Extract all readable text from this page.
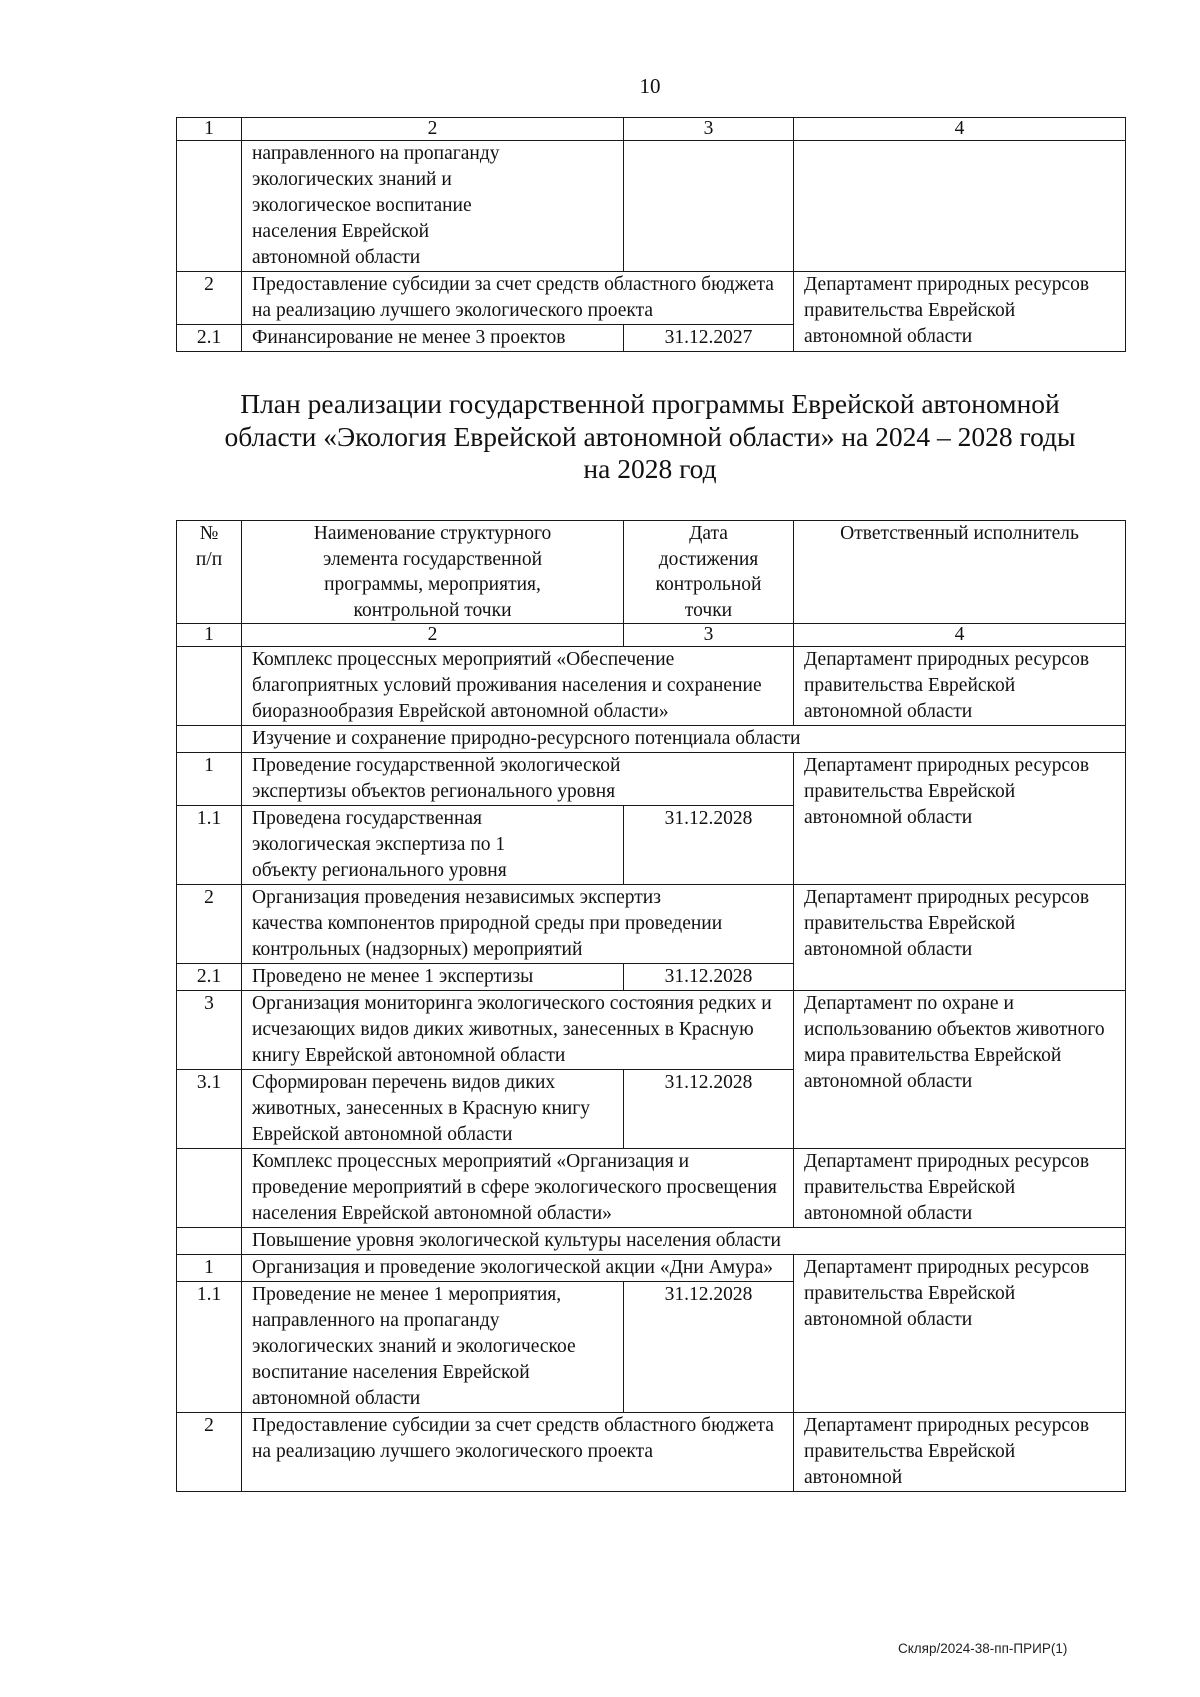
10
1	2	3	4
	направленного на пропаганду экологических знаний и экологическое воспитание населения Еврейской автономной области		
2	Предоставление субсидии за счет средств областного бюджета на реализацию лучшего экологического проекта		Департамент природных ресурсов правительства Еврейской автономной области
2.1	Финансирование не менее 3 проектов	31.12.2027	
План реализации государственной программы Еврейской автономной
области «Экология Еврейской автономной области» на 2024 – 2028 годы
на 2028 год
№ п/п	Наименование структурного элемента государственной программы, мероприятия, контрольной точки	Дата достижения контрольной точки	Ответственный исполнитель
1	2	3	4
	Комплекс процессных мероприятий «Обеспечение благоприятных условий проживания населения и сохранение биоразнообразия Еврейской автономной области»		Департамент природных ресурсов правительства Еврейской автономной области
	Изучение и сохранение природно-ресурсного потенциала области		
1	Проведение государственной экологической экспертизы объектов регионального уровня		Департамент природных ресурсов правительства Еврейской автономной области
1.1	Проведена государственная экологическая экспертиза по 1 объекту регионального уровня	31.12.2028	
2	Организация проведения независимых экспертиз качества компонентов природной среды при проведении контрольных (надзорных) мероприятий		Департамент природных ресурсов правительства Еврейской автономной области
2.1	Проведено не менее 1 экспертизы	31.12.2028	
3	Организация мониторинга экологического состояния редких и исчезающих видов диких животных, занесенных в Красную книгу Еврейской автономной области		Департамент по охране и использованию объектов животного мира правительства Еврейской автономной области
3.1	Сформирован перечень видов диких животных, занесенных в Красную книгу Еврейской автономной области	31.12.2028	
	Комплекс процессных мероприятий «Организация и проведение мероприятий в сфере экологического просвещения населения Еврейской автономной области»		Департамент природных ресурсов правительства Еврейской автономной области
	Повышение уровня экологической культуры населения области		
1	Организация и проведение экологической акции «Дни Амура»		Департамент природных ресурсов правительства Еврейской автономной области
1.1	Проведение не менее 1 мероприятия, направленного на пропаганду экологических знаний и экологическое воспитание населения Еврейской автономной области	31.12.2028	
2	Предоставление субсидии за счет средств областного бюджета на реализацию лучшего экологического проекта		Департамент природных ресурсов правительства Еврейской автономной
Скляр/2024-38-пп-ПРИР(1)
